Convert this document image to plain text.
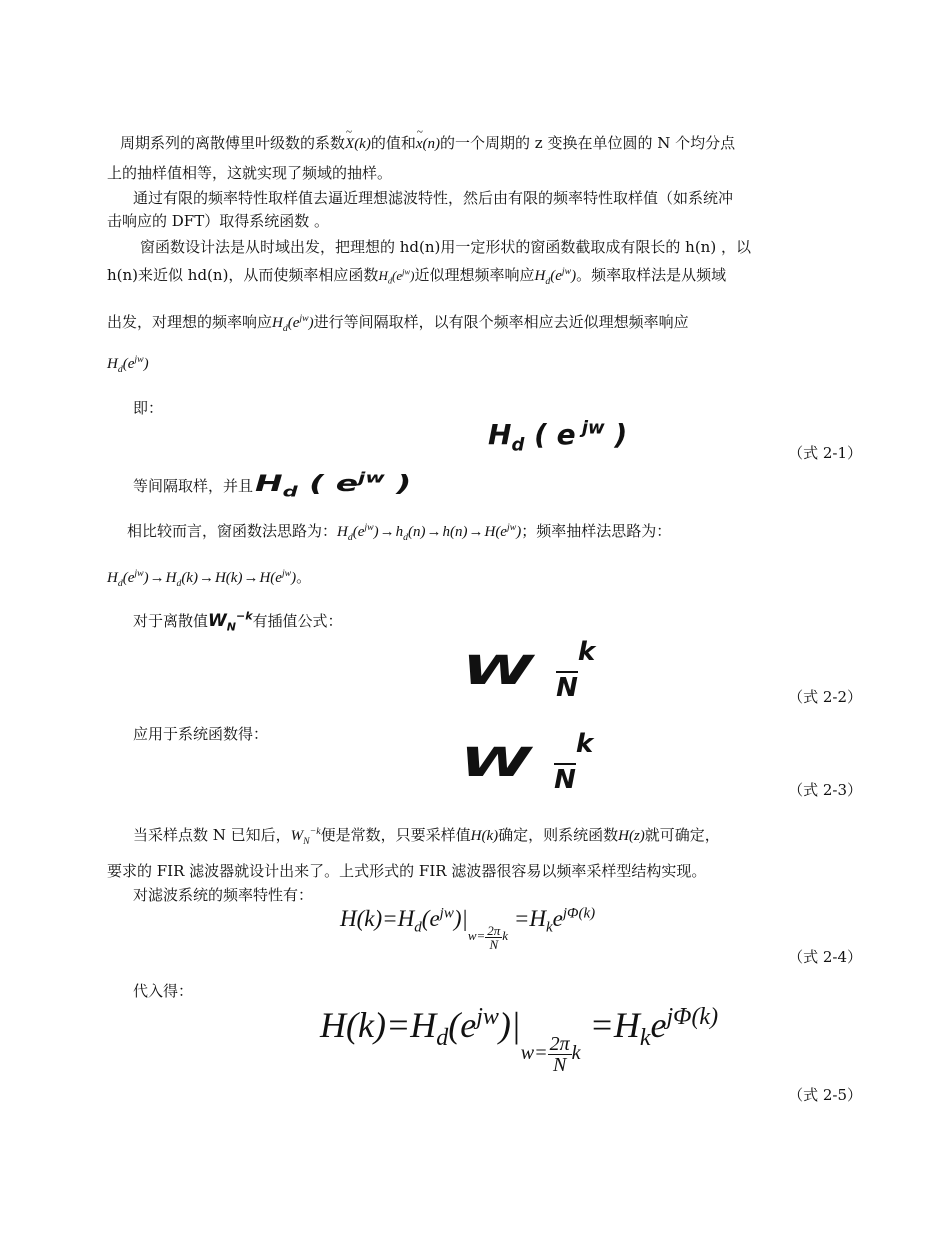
周期系列的离散傅里叶级数的系数~ X(k)的值和~ x(n)的一个周期的 z 变换在单位圆的 N 个均分点
上的抽样值相等，这就实现了频域的抽样。
通过有限的频率特性取样值去逼近理想滤波特性，然后由有限的频率特性取样值（如系统冲
击响应的 DFT）取得系统函数 。
窗函数设计法是从时域出发，把理想的 hd(n)用一定形状的窗函数截取成有限长的 h(n) ，以
h(n)来近似 hd(n)，从而使频率相应函数$H_d(e^{jw})$近似理想频率响应$H_d(e^{jw})$。频率取样法是从频域
出发，对理想的频率响应$H_d(e^{jw})$进行等间隔取样，以有限个频率相应去近似理想频率响应
$H_d(e^{jw})$
即：
$H_d$ ( e $^{jw}$ )
（式 2-1）
等间隔取样，并且$H_d$ ( $e^{jw}$ )
相比较而言，窗函数法思路为：$H_d(e^{jw})\to h_d(n)\to h(n)\to H(e^{jw})$；频率抽样法思路为：
$H_d(e^{jw})\to H_d(k)\to H(k)\to H(e^{jw})$。
对于离散值$W_N^{-k}$有插值公式：
W $_N^k$
（式 2-2）
应用于系统函数得：
W $_N^k$
（式 2-3）
当采样点数 N 已知后，$W_N^{-k}$便是常数，只要采样值H(k)确定，则系统函数H(z)就可确定，
要求的 FIR 滤波器就设计出来了。上式形式的 FIR 滤波器很容易以频率采样型结构实现。
对滤波系统的频率特性有：
$H(k)=H_d(e^{jw})|_{w= \frac{2\pi}{N} k} =H_ke^{j\Phi(k)}$
（式 2-4）
代入得：
$H(k)=H_d(e^{jw})|_{w= \frac{2\pi}{N} k} =H_ke^{j\Phi(k)}$
（式 2-5）
